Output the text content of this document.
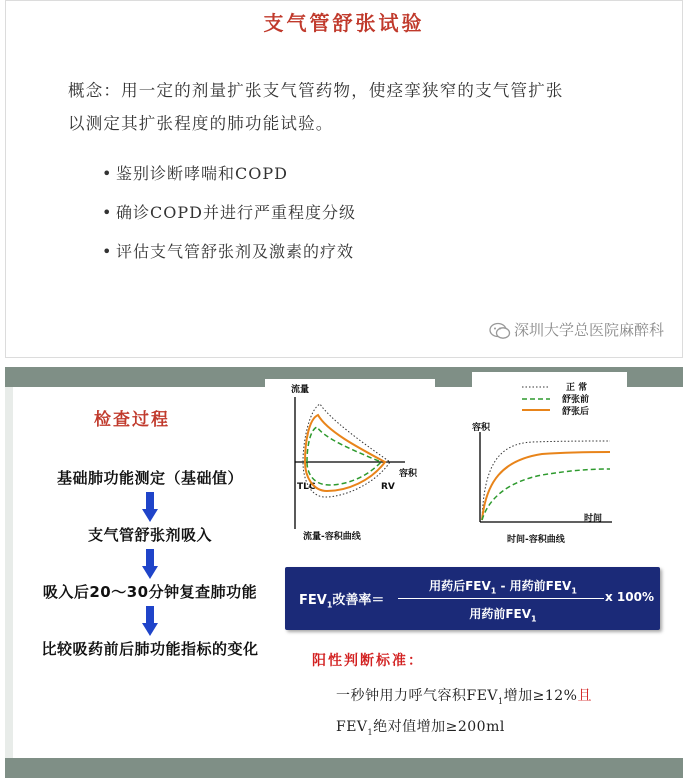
支气管舒张试验
概念：用一定的剂量扩张支气管药物，使痉挛狭窄的支气管扩张
以测定其扩张程度的肺功能试验。
• 鉴别诊断哮喘和COPD
• 确诊COPD并进行严重程度分级
• 评估支气管舒张剂及激素的疗效
深圳大学总医院麻醉科
检查过程
基础肺功能测定（基础值）
支气管舒张剂吸入
吸入后20～30分钟复查肺功能
比较吸药前后肺功能指标的变化
流量
容积
TLC	RV
流量-容积曲线
正 常
舒张前
舒张后
容积
时间
时间-容积曲线
$FEV_1$改善率＝
用药后$FEV_1$ - 用药前$FEV_1$
用药前$FEV_1$
x 100%
阳性判断标准：
一秒钟用力呼气容积$FEV_1$增加≥12%且
$FEV_1$绝对值增加≥200ml
